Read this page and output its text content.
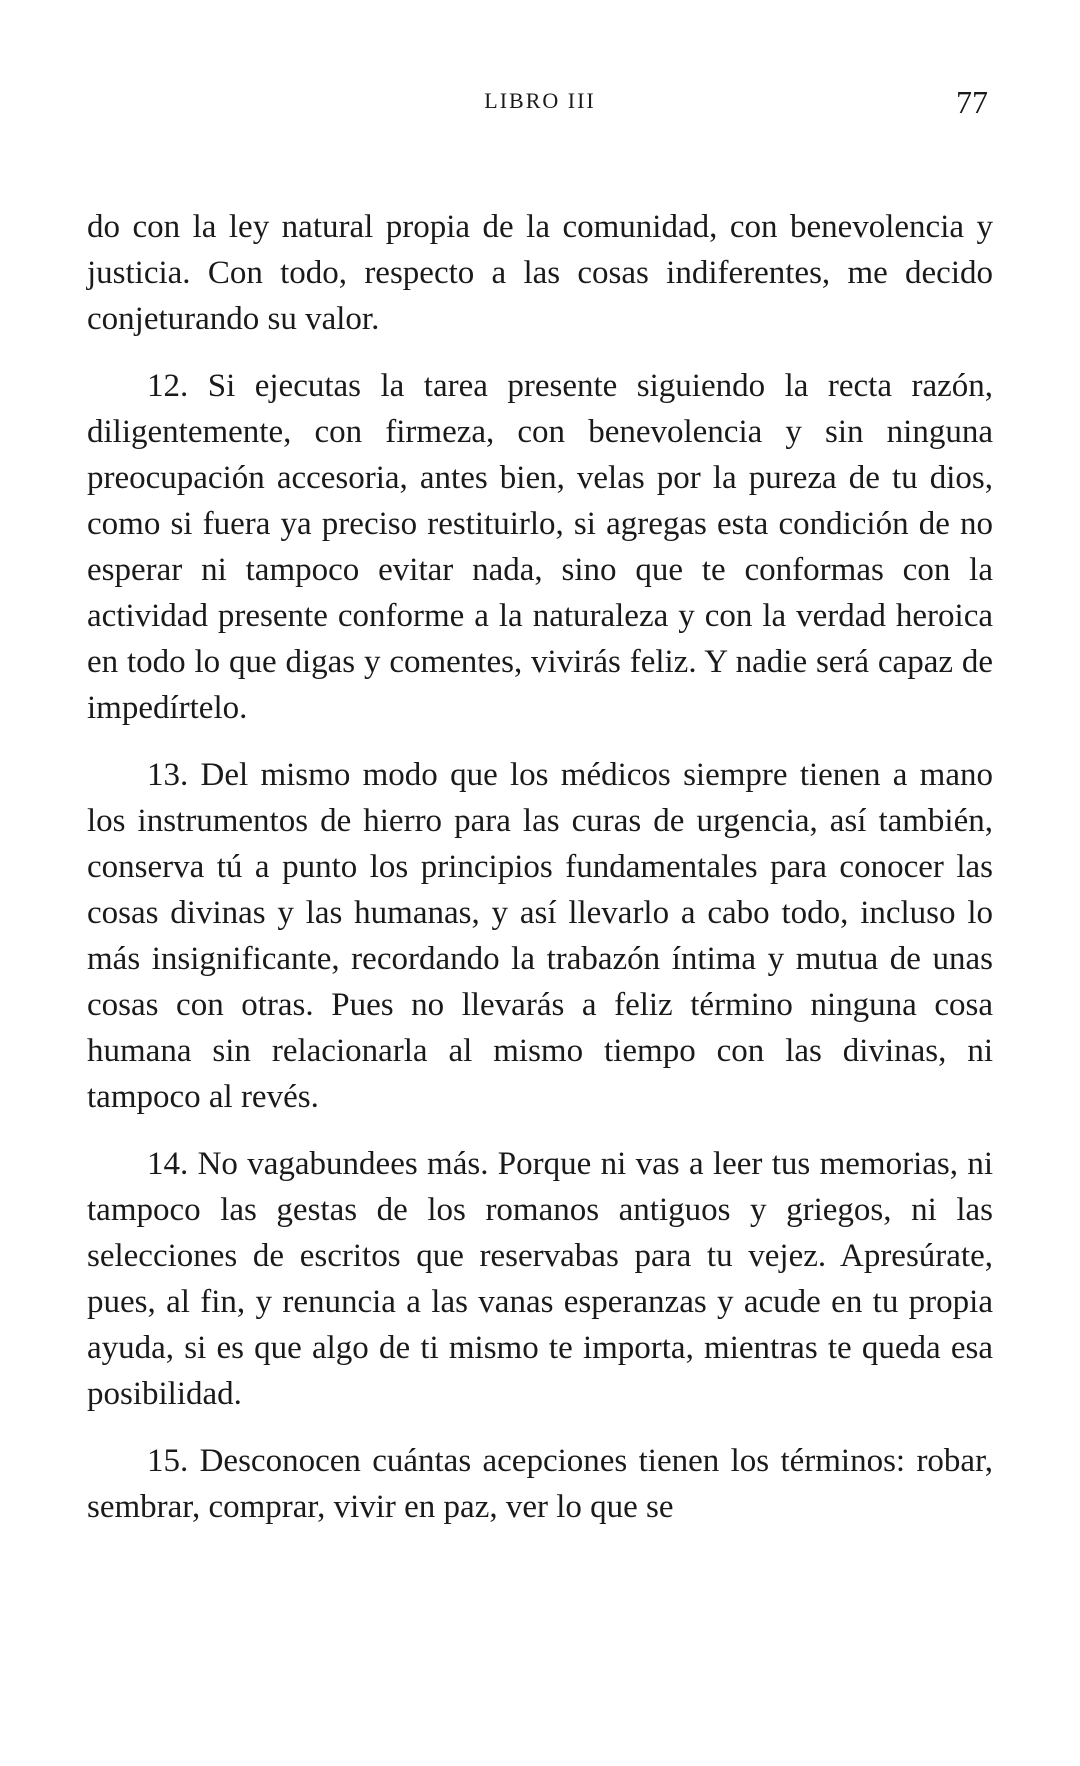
LIBRO III	77

do con la ley natural propia de la comunidad, con benevolencia y justicia. Con todo, respecto a las cosas indiferentes, me decido conjeturando su valor.

12. Si ejecutas la tarea presente siguiendo la recta razón, diligentemente, con firmeza, con benevolencia y sin ninguna preocupación accesoria, antes bien, velas por la pureza de tu dios, como si fuera ya preciso restituirlo, si agregas esta condición de no esperar ni tampoco evitar nada, sino que te conformas con la actividad presente conforme a la naturaleza y con la verdad heroica en todo lo que digas y comentes, vivirás feliz. Y nadie será capaz de impedírtelo.

13. Del mismo modo que los médicos siempre tienen a mano los instrumentos de hierro para las curas de urgencia, así también, conserva tú a punto los principios fundamentales para conocer las cosas divinas y las humanas, y así llevarlo a cabo todo, incluso lo más insignificante, recordando la trabazón íntima y mutua de unas cosas con otras. Pues no llevarás a feliz término ninguna cosa humana sin relacionarla al mismo tiempo con las divinas, ni tampoco al revés.

14. No vagabundees más. Porque ni vas a leer tus memorias, ni tampoco las gestas de los romanos antiguos y griegos, ni las selecciones de escritos que reservabas para tu vejez. Apresúrate, pues, al fin, y renuncia a las vanas esperanzas y acude en tu propia ayuda, si es que algo de ti mismo te importa, mientras te queda esa posibilidad.

15. Desconocen cuántas acepciones tienen los términos: robar, sembrar, comprar, vivir en paz, ver lo que se
